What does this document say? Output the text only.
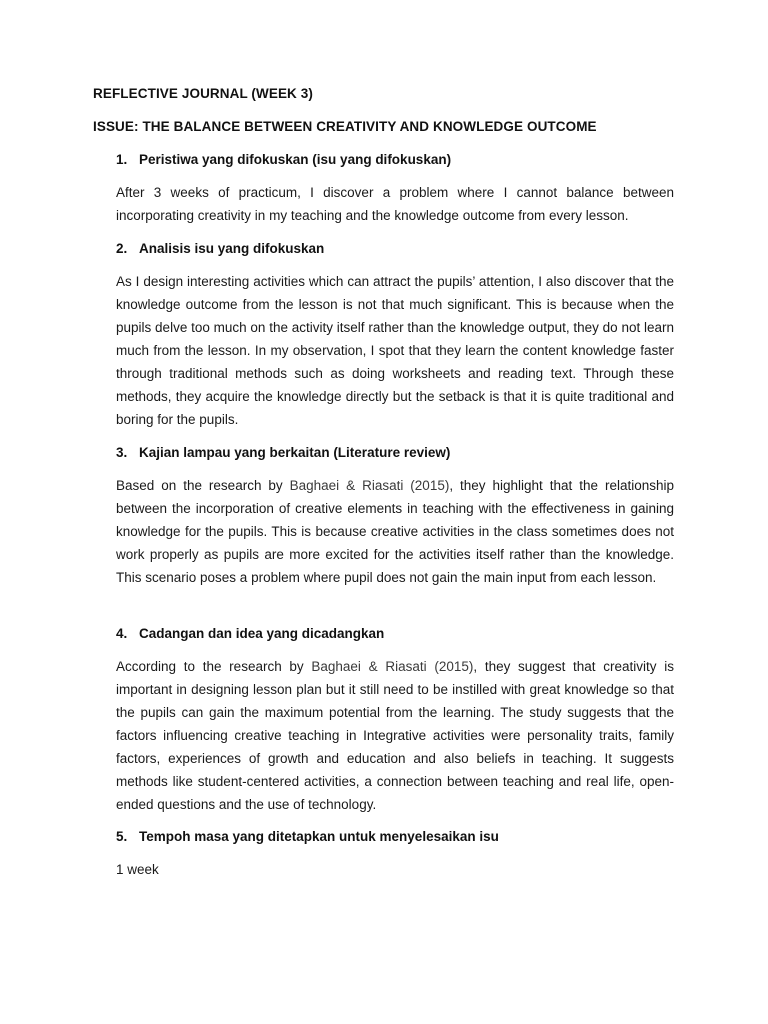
REFLECTIVE JOURNAL (WEEK 3)
ISSUE: THE BALANCE BETWEEN CREATIVITY AND KNOWLEDGE OUTCOME
1. Peristiwa yang difokuskan (isu yang difokuskan)
After 3 weeks of practicum, I discover a problem where I cannot balance between incorporating creativity in my teaching and the knowledge outcome from every lesson.
2. Analisis isu yang difokuskan
As I design interesting activities which can attract the pupils’ attention, I also discover that the knowledge outcome from the lesson is not that much significant. This is because when the pupils delve too much on the activity itself rather than the knowledge output, they do not learn much from the lesson. In my observation, I spot that they learn the content knowledge faster through traditional methods such as doing worksheets and reading text. Through these methods, they acquire the knowledge directly but the setback is that it is quite traditional and boring for the pupils.
3. Kajian lampau yang berkaitan (Literature review)
Based on the research by Baghaei & Riasati (2015), they highlight that the relationship between the incorporation of creative elements in teaching with the effectiveness in gaining knowledge for the pupils. This is because creative activities in the class sometimes does not work properly as pupils are more excited for the activities itself rather than the knowledge. This scenario poses a problem where pupil does not gain the main input from each lesson.
4. Cadangan dan idea yang dicadangkan
According to the research by Baghaei & Riasati (2015), they suggest that creativity is important in designing lesson plan but it still need to be instilled with great knowledge so that the pupils can gain the maximum potential from the learning. The study suggests that the factors influencing creative teaching in Integrative activities were personality traits, family factors, experiences of growth and education and also beliefs in teaching. It suggests methods like student-centered activities, a connection between teaching and real life, open-ended questions and the use of technology.
5. Tempoh masa yang ditetapkan untuk menyelesaikan isu
1 week
